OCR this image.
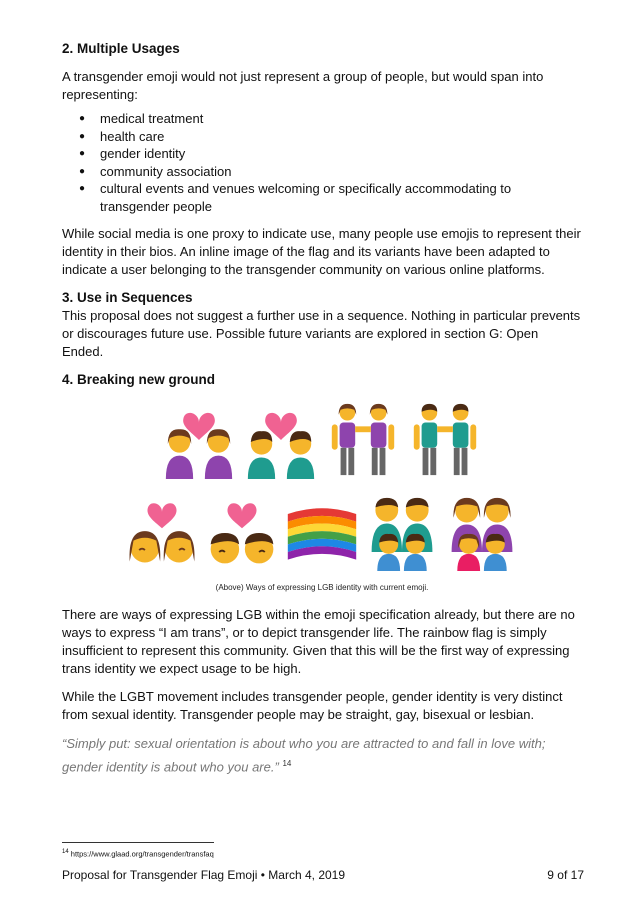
2. Multiple Usages

A transgender emoji would not just represent a group of people, but would span into representing:

● medical treatment
● health care
● gender identity
● community association
● cultural events and venues welcoming or specifically accommodating to transgender people

While social media is one proxy to indicate use, many people use emojis to represent their identity in their bios. An inline image of the flag and its variants have been adapted to indicate a user belonging to the transgender community on various online platforms.

3. Use in Sequences

This proposal does not suggest a further use in a sequence. Nothing in particular prevents or discourages future use. Possible future variants are explored in section G: Open Ended.

4. Breaking new ground
(Above) Ways of expressing LGB identity with current emoji.

There are ways of expressing LGB within the emoji specification already, but there are no ways to express “I am trans”, or to depict transgender life. The rainbow flag is simply insufficient to represent this community. Given that this will be the first way of expressing trans identity we expect usage to be high.

While the LGBT movement includes transgender people, gender identity is very distinct from sexual identity. Transgender people may be straight, gay, bisexual or lesbian.

“Simply put: sexual orientation is about who you are attracted to and fall in love with; gender identity is about who you are.” $^{14}$

$^{14}$ https://www.glaad.org/transgender/transfaq
Proposal for Transgender Flag Emoji • March 4, 2019	9 of 17
